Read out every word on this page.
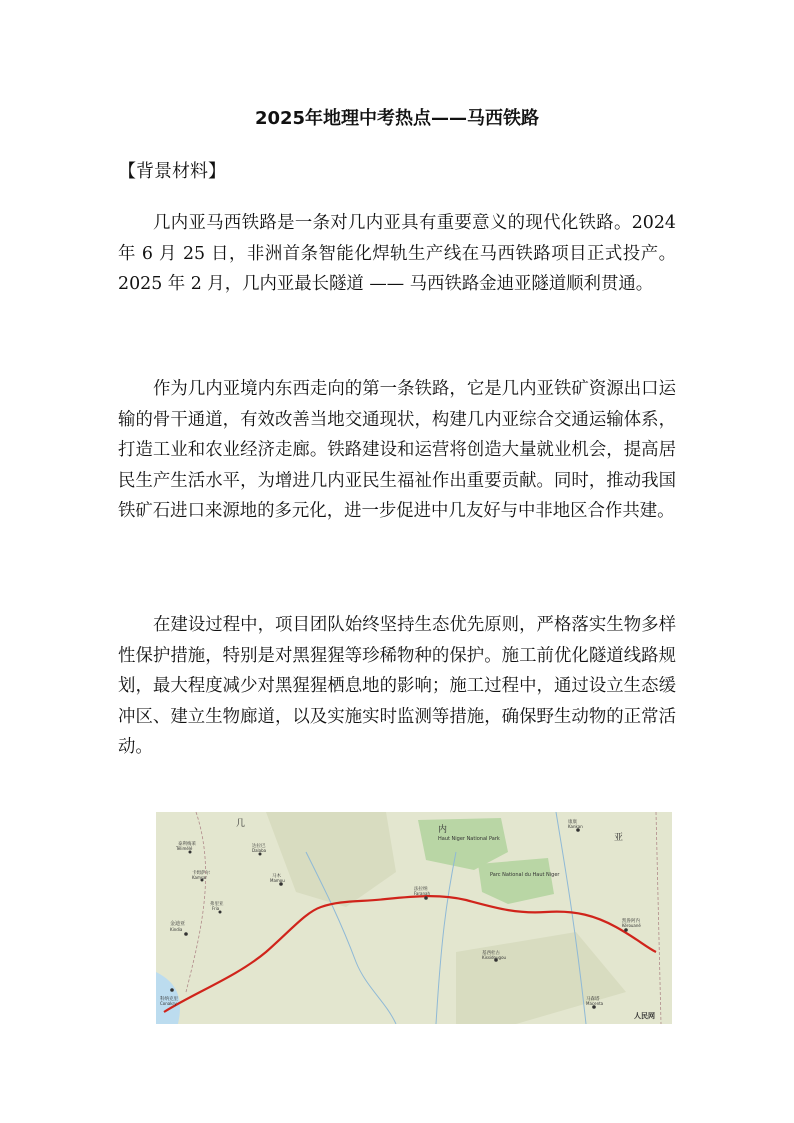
2025年地理中考热点——马西铁路
【背景材料】

几内亚马西铁路是一条对几内亚具有重要意义的现代化铁路。2024 年 6 月 25 日，非洲首条智能化焊轨生产线在马西铁路项目正式投产。2025 年 2 月，几内亚最长隧道 —— 马西铁路金迪亚隧道顺利贯通。

作为几内亚境内东西走向的第一条铁路，它是几内亚铁矿资源出口运输的骨干通道，有效改善当地交通现状，构建几内亚综合交通运输体系，打造工业和农业经济走廊。铁路建设和运营将创造大量就业机会，提高居民生产生活水平，为增进几内亚民生福祉作出重要贡献。同时，推动我国铁矿石进口来源地的多元化，进一步促进中几友好与中非地区合作共建。

在建设过程中，项目团队始终坚持生态优先原则，严格落实生物多样性保护措施，特别是对黑猩猩等珍稀物种的保护。施工前优化隧道线路规划，最大程度减少对黑猩猩栖息地的影响；施工过程中，通过设立生态缓冲区、建立生物廊道，以及实施实时监测等措施，确保野生动物的正常活动。

Haut Niger National Park
Parc National du Haut Niger
几
内
亚
泰利梅莱
Télimélé	达拉巴
Dalaba
马木
Mamou
卡姆萨尔
Kamsar
弗里亚
Fria
科纳克里
Conakry
金迪亚
Kindia
法拉纳
Faranah
康康
Kankan
凯鲁阿内
Kérouané
基西杜古
Kissidougou
马森塔
Macenta
人民网
